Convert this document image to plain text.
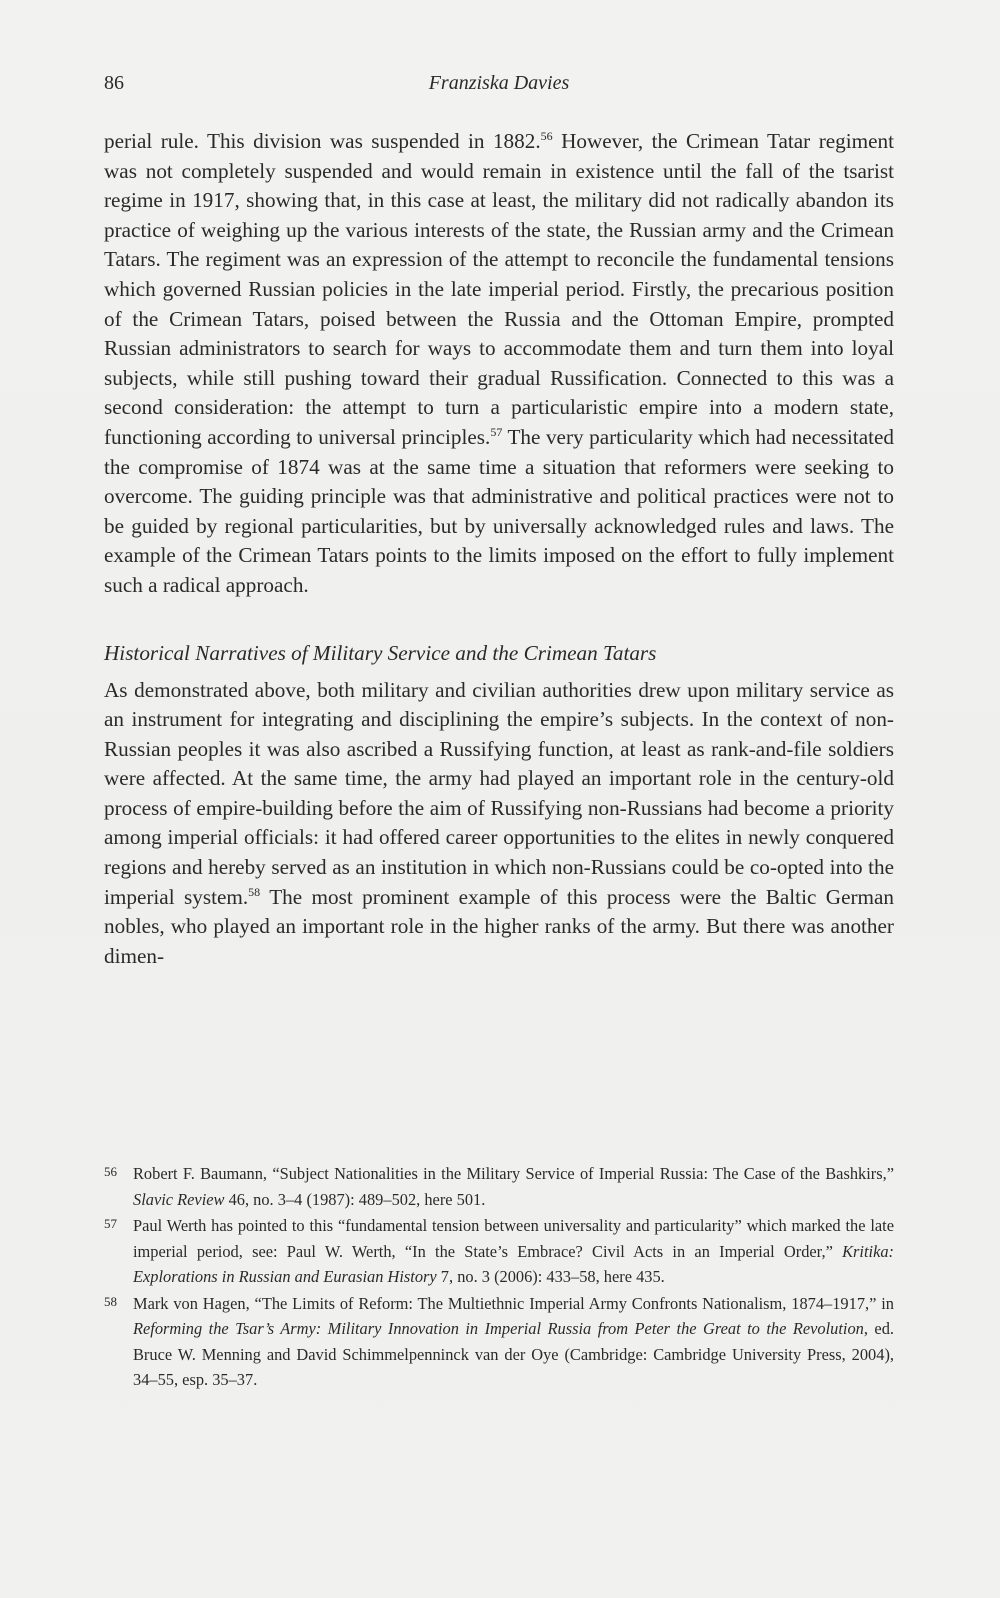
86	Franziska Davies

perial rule. This division was suspended in 1882.56 However, the Crimean Tatar regiment was not completely suspended and would remain in existence until the fall of the tsarist regime in 1917, showing that, in this case at least, the military did not radically abandon its practice of weighing up the various interests of the state, the Russian army and the Crimean Tatars. The regiment was an expression of the attempt to reconcile the fundamental tensions which governed Russian policies in the late imperial period. Firstly, the precarious position of the Crimean Tatars, poised between the Russia and the Ottoman Empire, prompted Russian administrators to search for ways to accommodate them and turn them into loyal subjects, while still pushing toward their gradual Russification. Connected to this was a second consideration: the attempt to turn a particularistic empire into a modern state, functioning according to universal principles.$^{57}$ The very particularity which had necessitated the compromise of 1874 was at the same time a situation that reformers were seeking to overcome. The guiding principle was that administrative and political practices were not to be guided by regional particularities, but by universally acknowledged rules and laws. The example of the Crimean Tatars points to the limits imposed on the effort to fully implement such a radical approach.

Historical Narratives of Military Service and the Crimean Tatars

As demonstrated above, both military and civilian authorities drew upon military service as an instrument for integrating and disciplining the empire’s subjects. In the context of non-Russian peoples it was also ascribed a Russifying function, at least as rank-and-file soldiers were affected. At the same time, the army had played an important role in the century-old process of empire-building before the aim of Russifying non-Russians had become a priority among imperial officials: it had offered career opportunities to the elites in newly conquered regions and hereby served as an institution in which non-Russians could be co-opted into the imperial system.$^{58}$ The most prominent example of this process were the Baltic German nobles, who played an important role in the higher ranks of the army. But there was another dimen-

56 Robert F. Baumann, “Subject Nationalities in the Military Service of Imperial Russia: The Case of the Bashkirs,” Slavic Review 46, no. 3–4 (1987): 489–502, here 501.
57 Paul Werth has pointed to this “fundamental tension between universality and particularity” which marked the late imperial period, see: Paul W. Werth, “In the State’s Embrace? Civil Acts in an Imperial Order,” Kritika: Explorations in Russian and Eurasian History 7, no. 3 (2006): 433–58, here 435.
58 Mark von Hagen, “The Limits of Reform: The Multiethnic Imperial Army Confronts Nationalism, 1874–1917,” in Reforming the Tsar’s Army: Military Innovation in Imperial Russia from Peter the Great to the Revolution, ed. Bruce W. Menning and David Schimmelpenninck van der Oye (Cambridge: Cambridge University Press, 2004), 34–55, esp. 35–37.
